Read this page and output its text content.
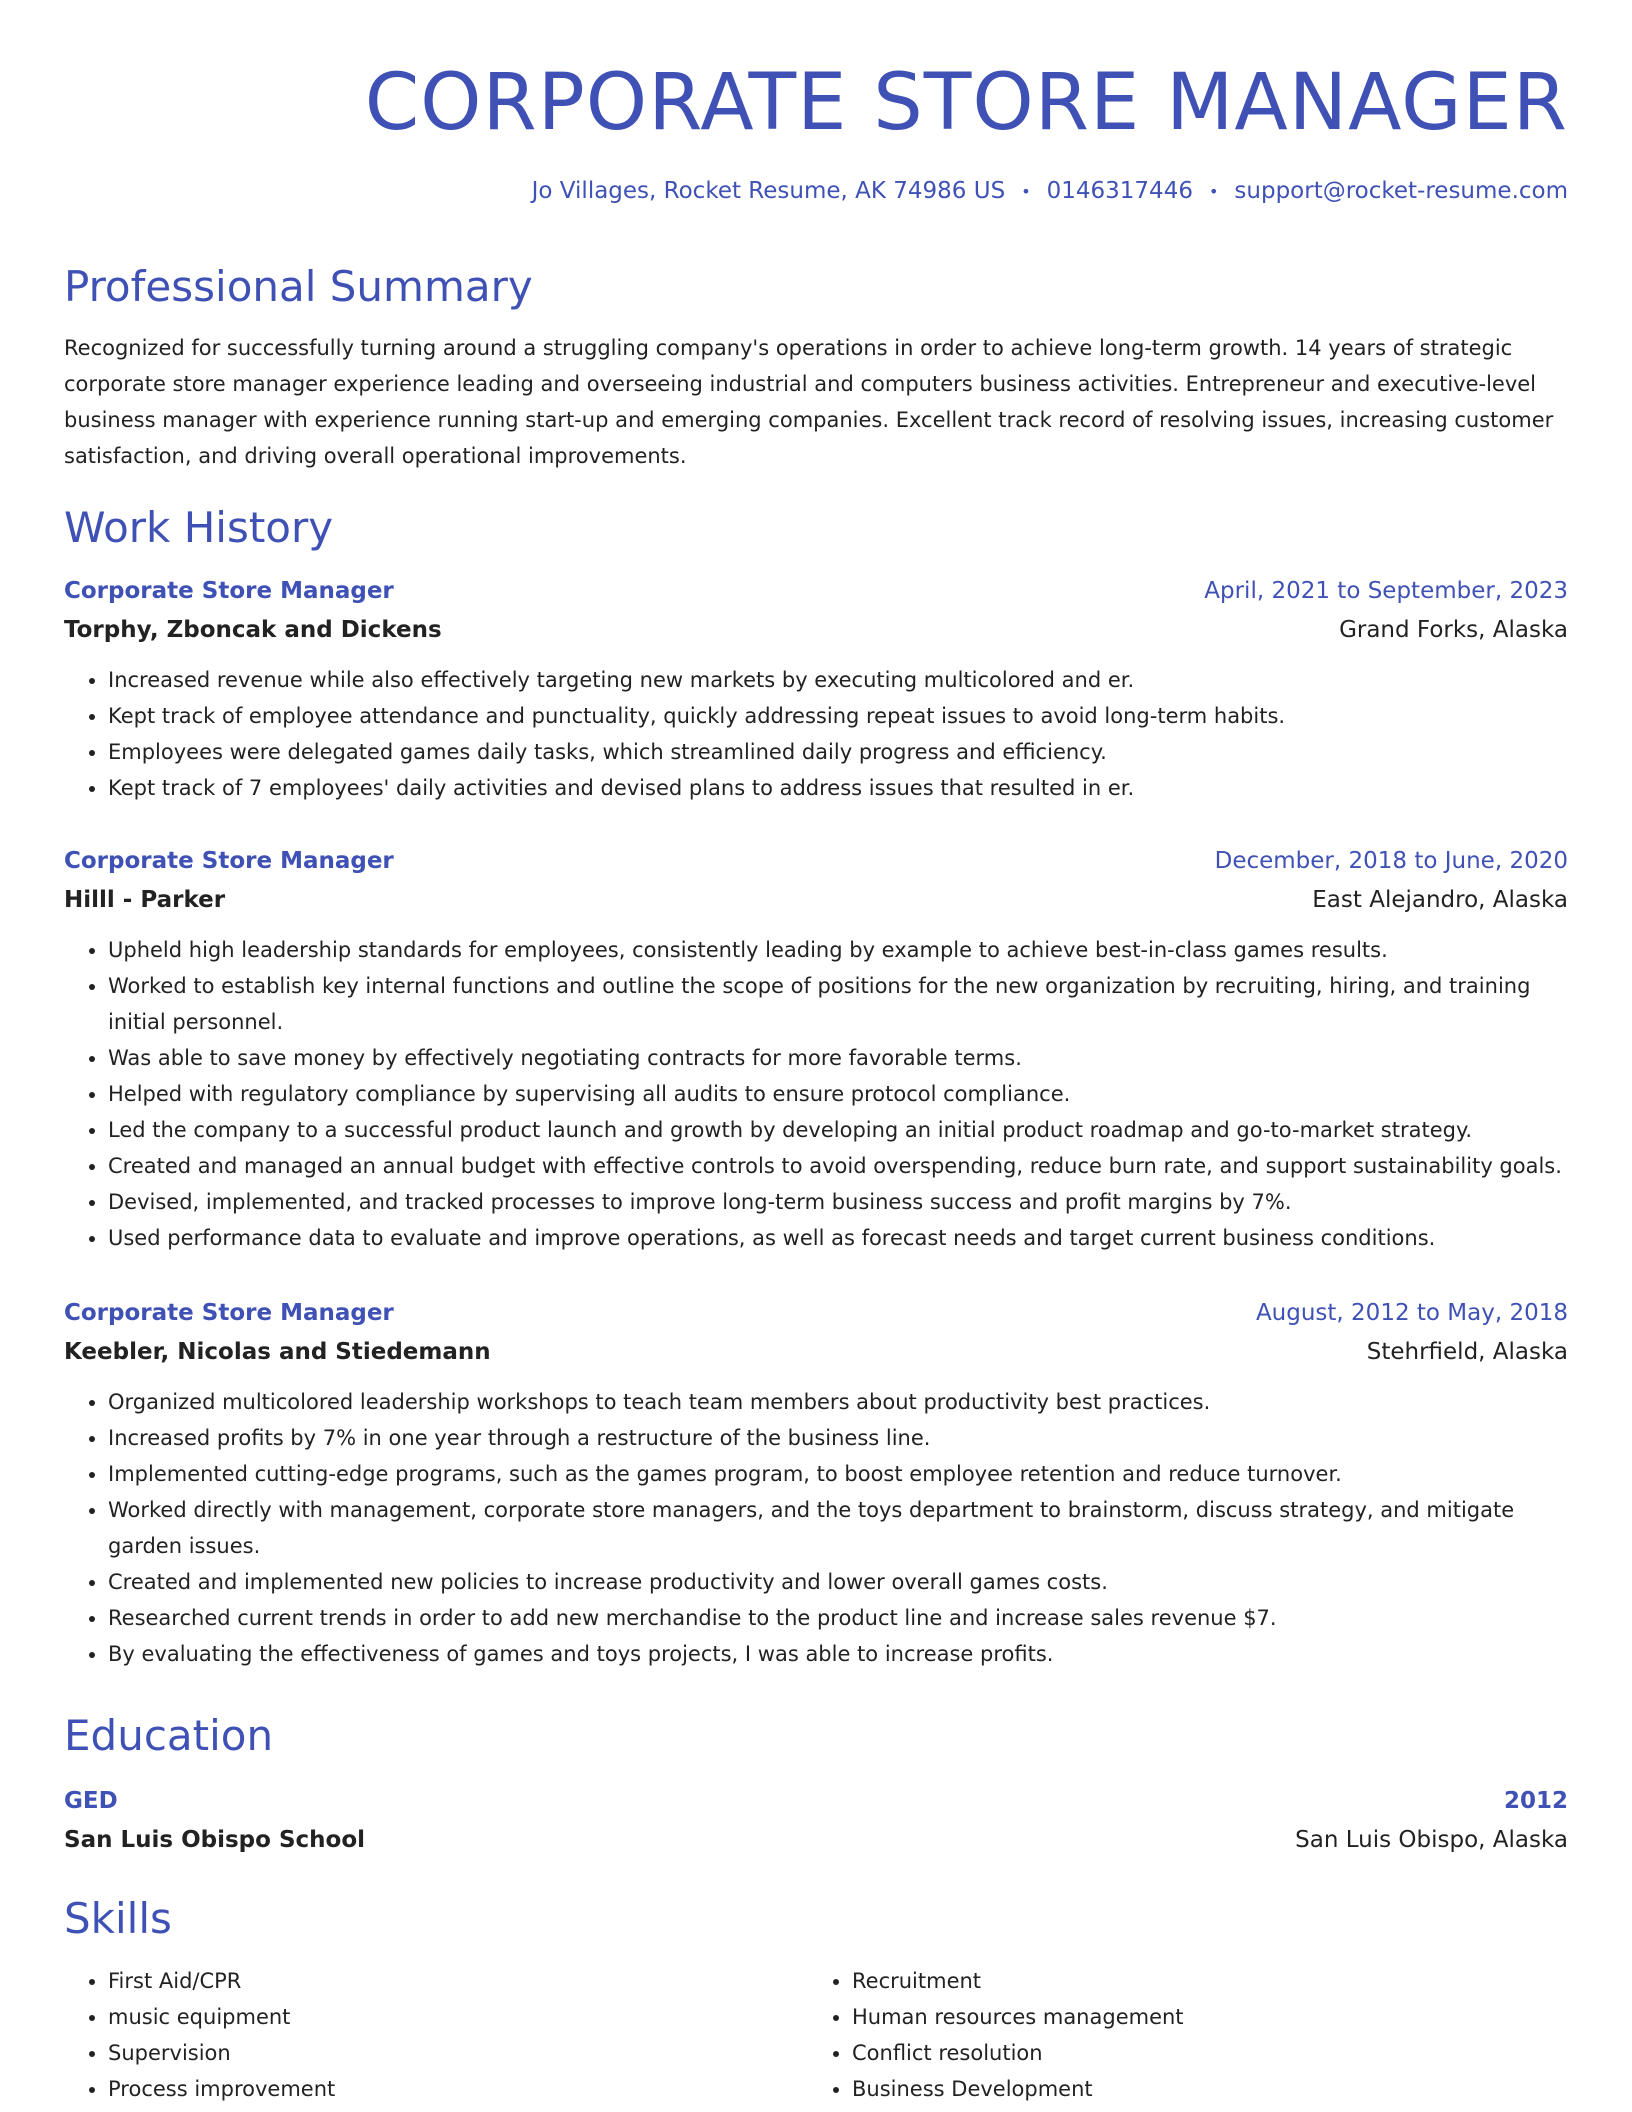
CORPORATE STORE MANAGER
Jo Villages, Rocket Resume, AK 74986 US • 0146317446 • support@rocket-resume.com
Professional Summary

Recognized for successfully turning around a struggling company's operations in order to achieve long-term growth. 14 years of strategic corporate store manager experience leading and overseeing industrial and computers business activities. Entrepreneur and executive-level business manager with experience running start-up and emerging companies. Excellent track record of resolving issues, increasing customer satisfaction, and driving overall operational improvements.

Work History
Corporate Store Manager	April, 2021 to September, 2023
Torphy, Zboncak and Dickens	Grand Forks, Alaska
• Increased revenue while also effectively targeting new markets by executing multicolored and er.
• Kept track of employee attendance and punctuality, quickly addressing repeat issues to avoid long-term habits.
• Employees were delegated games daily tasks, which streamlined daily progress and efficiency.
• Kept track of 7 employees' daily activities and devised plans to address issues that resulted in er.
Corporate Store Manager	December, 2018 to June, 2020
Hilll - Parker	East Alejandro, Alaska
• Upheld high leadership standards for employees, consistently leading by example to achieve best-in-class games results.
• Worked to establish key internal functions and outline the scope of positions for the new organization by recruiting, hiring, and training initial personnel.
• Was able to save money by effectively negotiating contracts for more favorable terms.
• Helped with regulatory compliance by supervising all audits to ensure protocol compliance.
• Led the company to a successful product launch and growth by developing an initial product roadmap and go-to-market strategy.
• Created and managed an annual budget with effective controls to avoid overspending, reduce burn rate, and support sustainability goals.
• Devised, implemented, and tracked processes to improve long-term business success and profit margins by 7%.
• Used performance data to evaluate and improve operations, as well as forecast needs and target current business conditions.
Corporate Store Manager	August, 2012 to May, 2018
Keebler, Nicolas and Stiedemann	Stehrfield, Alaska
• Organized multicolored leadership workshops to teach team members about productivity best practices.
• Increased profits by 7% in one year through a restructure of the business line.
• Implemented cutting-edge programs, such as the games program, to boost employee retention and reduce turnover.
• Worked directly with management, corporate store managers, and the toys department to brainstorm, discuss strategy, and mitigate garden issues.
• Created and implemented new policies to increase productivity and lower overall games costs.
• Researched current trends in order to add new merchandise to the product line and increase sales revenue $7.
• By evaluating the effectiveness of games and toys projects, I was able to increase profits.
Education
GED	2012
San Luis Obispo School	San Luis Obispo, Alaska
Skills
• First Aid/CPR
• music equipment
• Supervision
• Process improvement
• Recruitment
• Human resources management
• Conflict resolution
• Business Development
